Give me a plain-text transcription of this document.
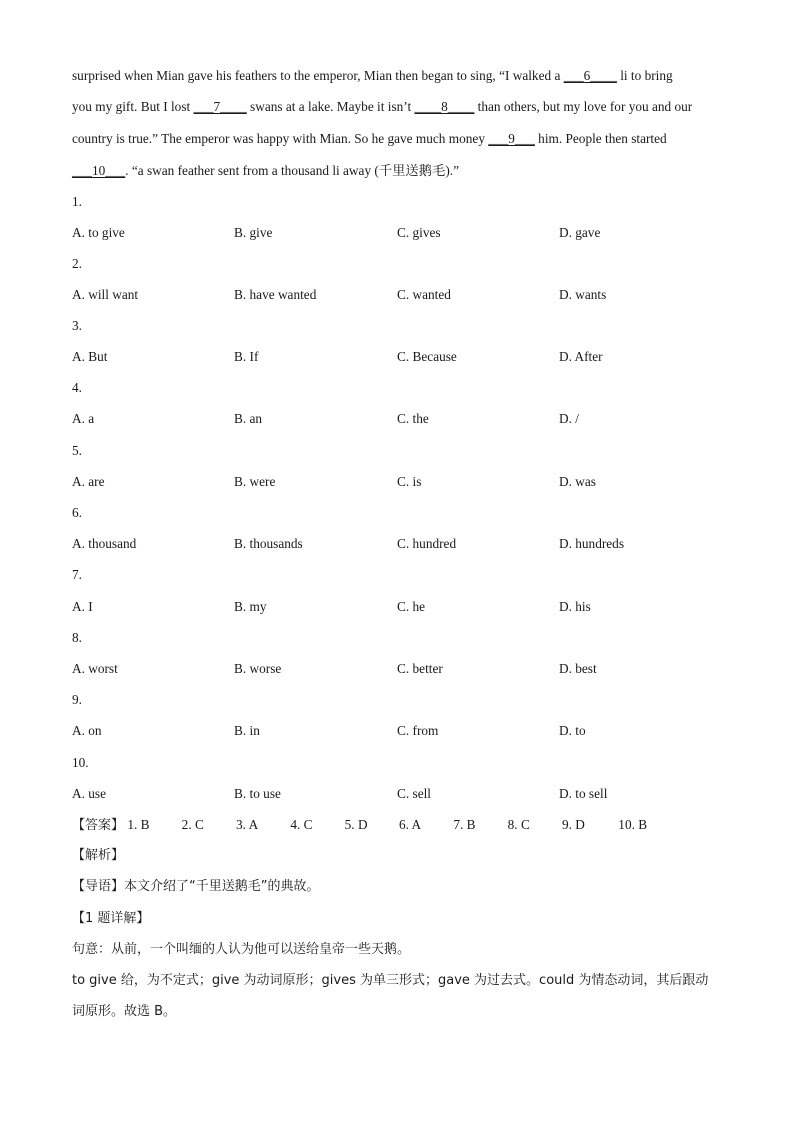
surprised when Mian gave his feathers to the emperor, Mian then began to sing, “I walked a ___6____ li to bring
you my gift. But I lost ___7____ swans at a lake. Maybe it isn’t ____8____ than others, but my love for you and our
country is true.” The emperor was happy with Mian. So he gave much money ___9___ him. People then started
___10___. “a swan feather sent from a thousand li away (千里送鹅毛).”
1.
A. to give	B. give	C. gives	D. gave
2.
A. will want	B. have wanted	C. wanted	D. wants
3.
A. But	B. If	C. Because	D. After
4.
A. a	B. an	C. the	D. /
5.
A. are	B. were	C. is	D. was
6.
A. thousand	B. thousands	C. hundred	D. hundreds
7.
A. I	B. my	C. he	D. his
8.
A. worst	B. worse	C. better	D. best
9.
A. on	B. in	C. from	D. to
10.
A. use	B. to use	C. sell	D. to sell
【答案】 1. B 2. C 3. A 4. C 5. D 6. A 7. B 8. C 9. D	10. B
【解析】
【导语】本文介绍了“千里送鹅毛”的典故。
【1 题详解】
句意：从前，一个叫缅的人认为他可以送给皇帝一些天鹅。
to give 给，为不定式；give 为动词原形；gives 为单三形式；gave 为过去式。could 为情态动词，其后跟动
词原形。故选 B。
